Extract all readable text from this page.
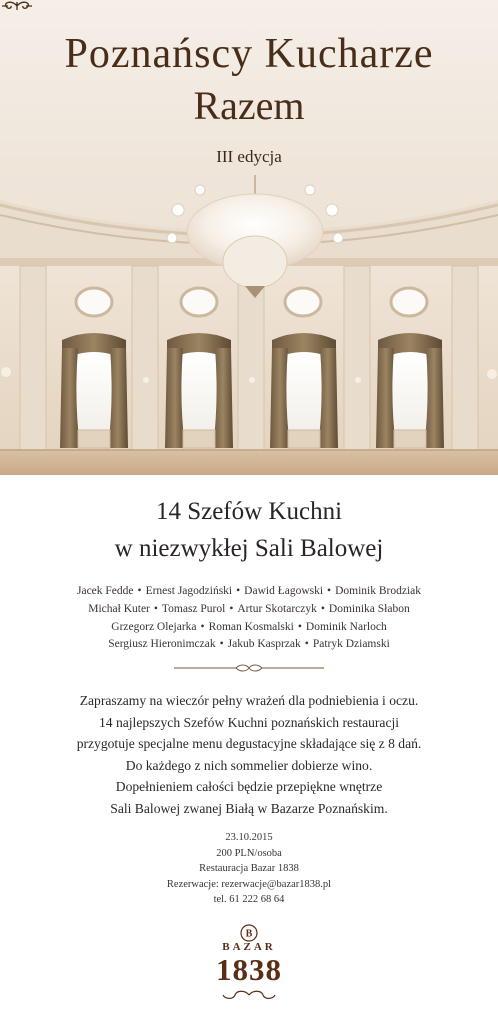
Poznańscy Kucharze
Razem
III edycja
14 Szefów Kuchni
w niezwykłej Sali Balowej
Jacek Fedde • Ernest Jagodziński • Dawid Łagowski • Dominik Brodziak
Michał Kuter • Tomasz Purol • Artur Skotarczyk • Dominika Słabon
Grzegorz Olejarka • Roman Kosmalski • Dominik Narloch
Sergiusz Hieronimczak • Jakub Kasprzak • Patryk Dziamski
Zapraszamy na wieczór pełny wrażeń dla podniebienia i oczu.
14 najlepszych Szefów Kuchni poznańskich restauracji
przygotuje specjalne menu degustacyjne składające się z 8 dań.
Do każdego z nich sommelier dobierze wino.
Dopełnieniem całości będzie przepiękne wnętrze
Sali Balowej zwanej Białą w Bazarze Poznańskim.
23.10.2015
200 PLN/osoba
Restauracja Bazar 1838
Rezerwacje: rezerwacje@bazar1838.pl
tel. 61 222 68 64
B
BAZAR
1838
